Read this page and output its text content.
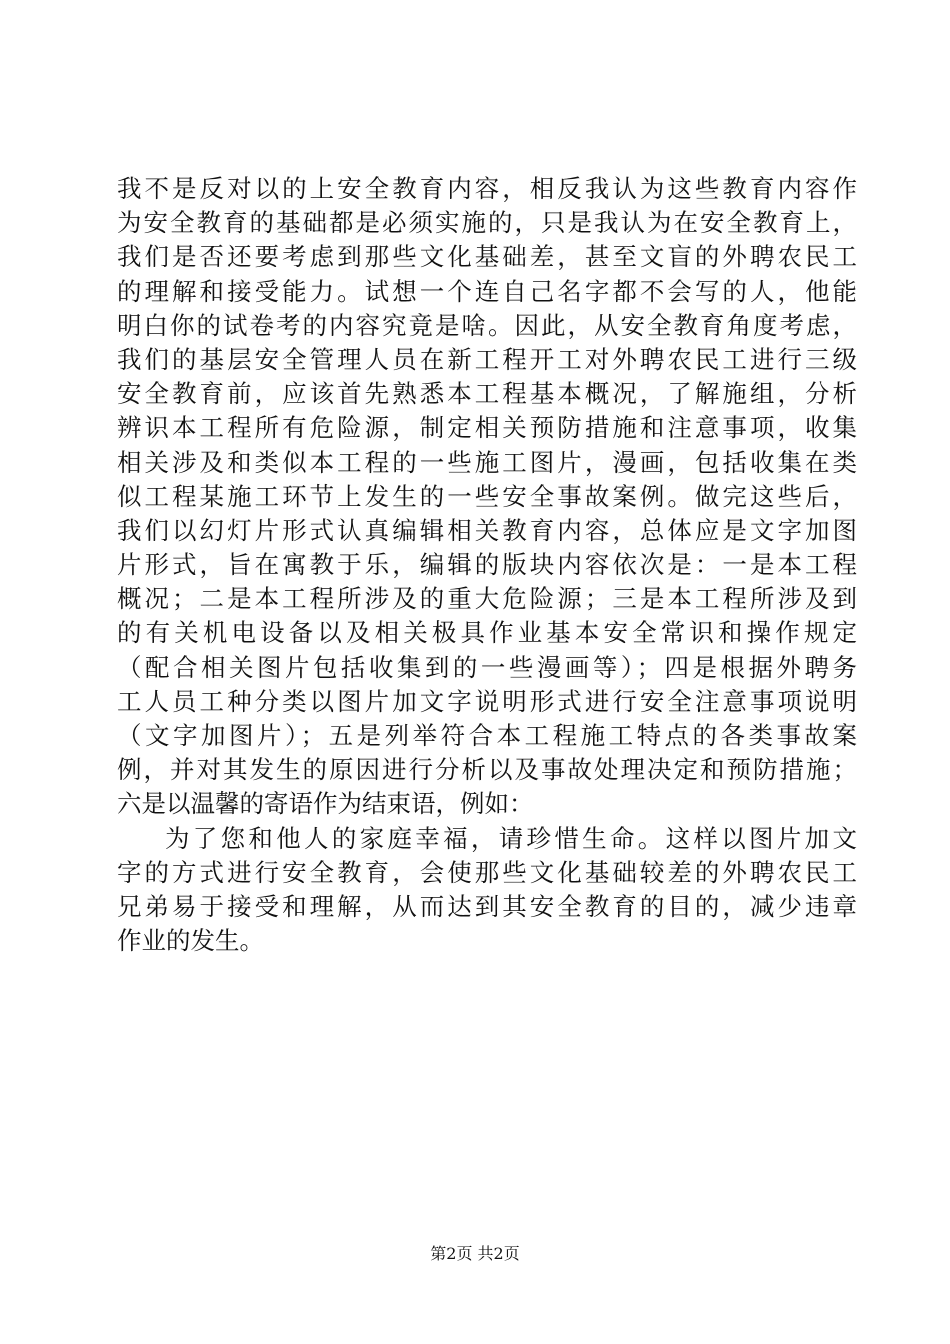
我不是反对以的上安全教育内容，相反我认为这些教育内容作
为安全教育的基础都是必须实施的，只是我认为在安全教育上，
我们是否还要考虑到那些文化基础差，甚至文盲的外聘农民工
的理解和接受能力。试想一个连自己名字都不会写的人，他能
明白你的试卷考的内容究竟是啥。因此，从安全教育角度考虑，
我们的基层安全管理人员在新工程开工对外聘农民工进行三级
安全教育前，应该首先熟悉本工程基本概况，了解施组，分析
辨识本工程所有危险源，制定相关预防措施和注意事项，收集
相关涉及和类似本工程的一些施工图片，漫画，包括收集在类
似工程某施工环节上发生的一些安全事故案例。做完这些后，
我们以幻灯片形式认真编辑相关教育内容，总体应是文字加图
片形式，旨在寓教于乐，编辑的版块内容依次是：一是本工程
概况；二是本工程所涉及的重大危险源；三是本工程所涉及到
的有关机电设备以及相关极具作业基本安全常识和操作规定
（配合相关图片包括收集到的一些漫画等）；四是根据外聘务
工人员工种分类以图片加文字说明形式进行安全注意事项说明
（文字加图片）；五是列举符合本工程施工特点的各类事故案
例，并对其发生的原因进行分析以及事故处理决定和预防措施；
六是以温馨的寄语作为结束语，例如：
为了您和他人的家庭幸福，请珍惜生命。这样以图片加文
字的方式进行安全教育，会使那些文化基础较差的外聘农民工
兄弟易于接受和理解，从而达到其安全教育的目的，减少违章
作业的发生。
第2页 共2页
